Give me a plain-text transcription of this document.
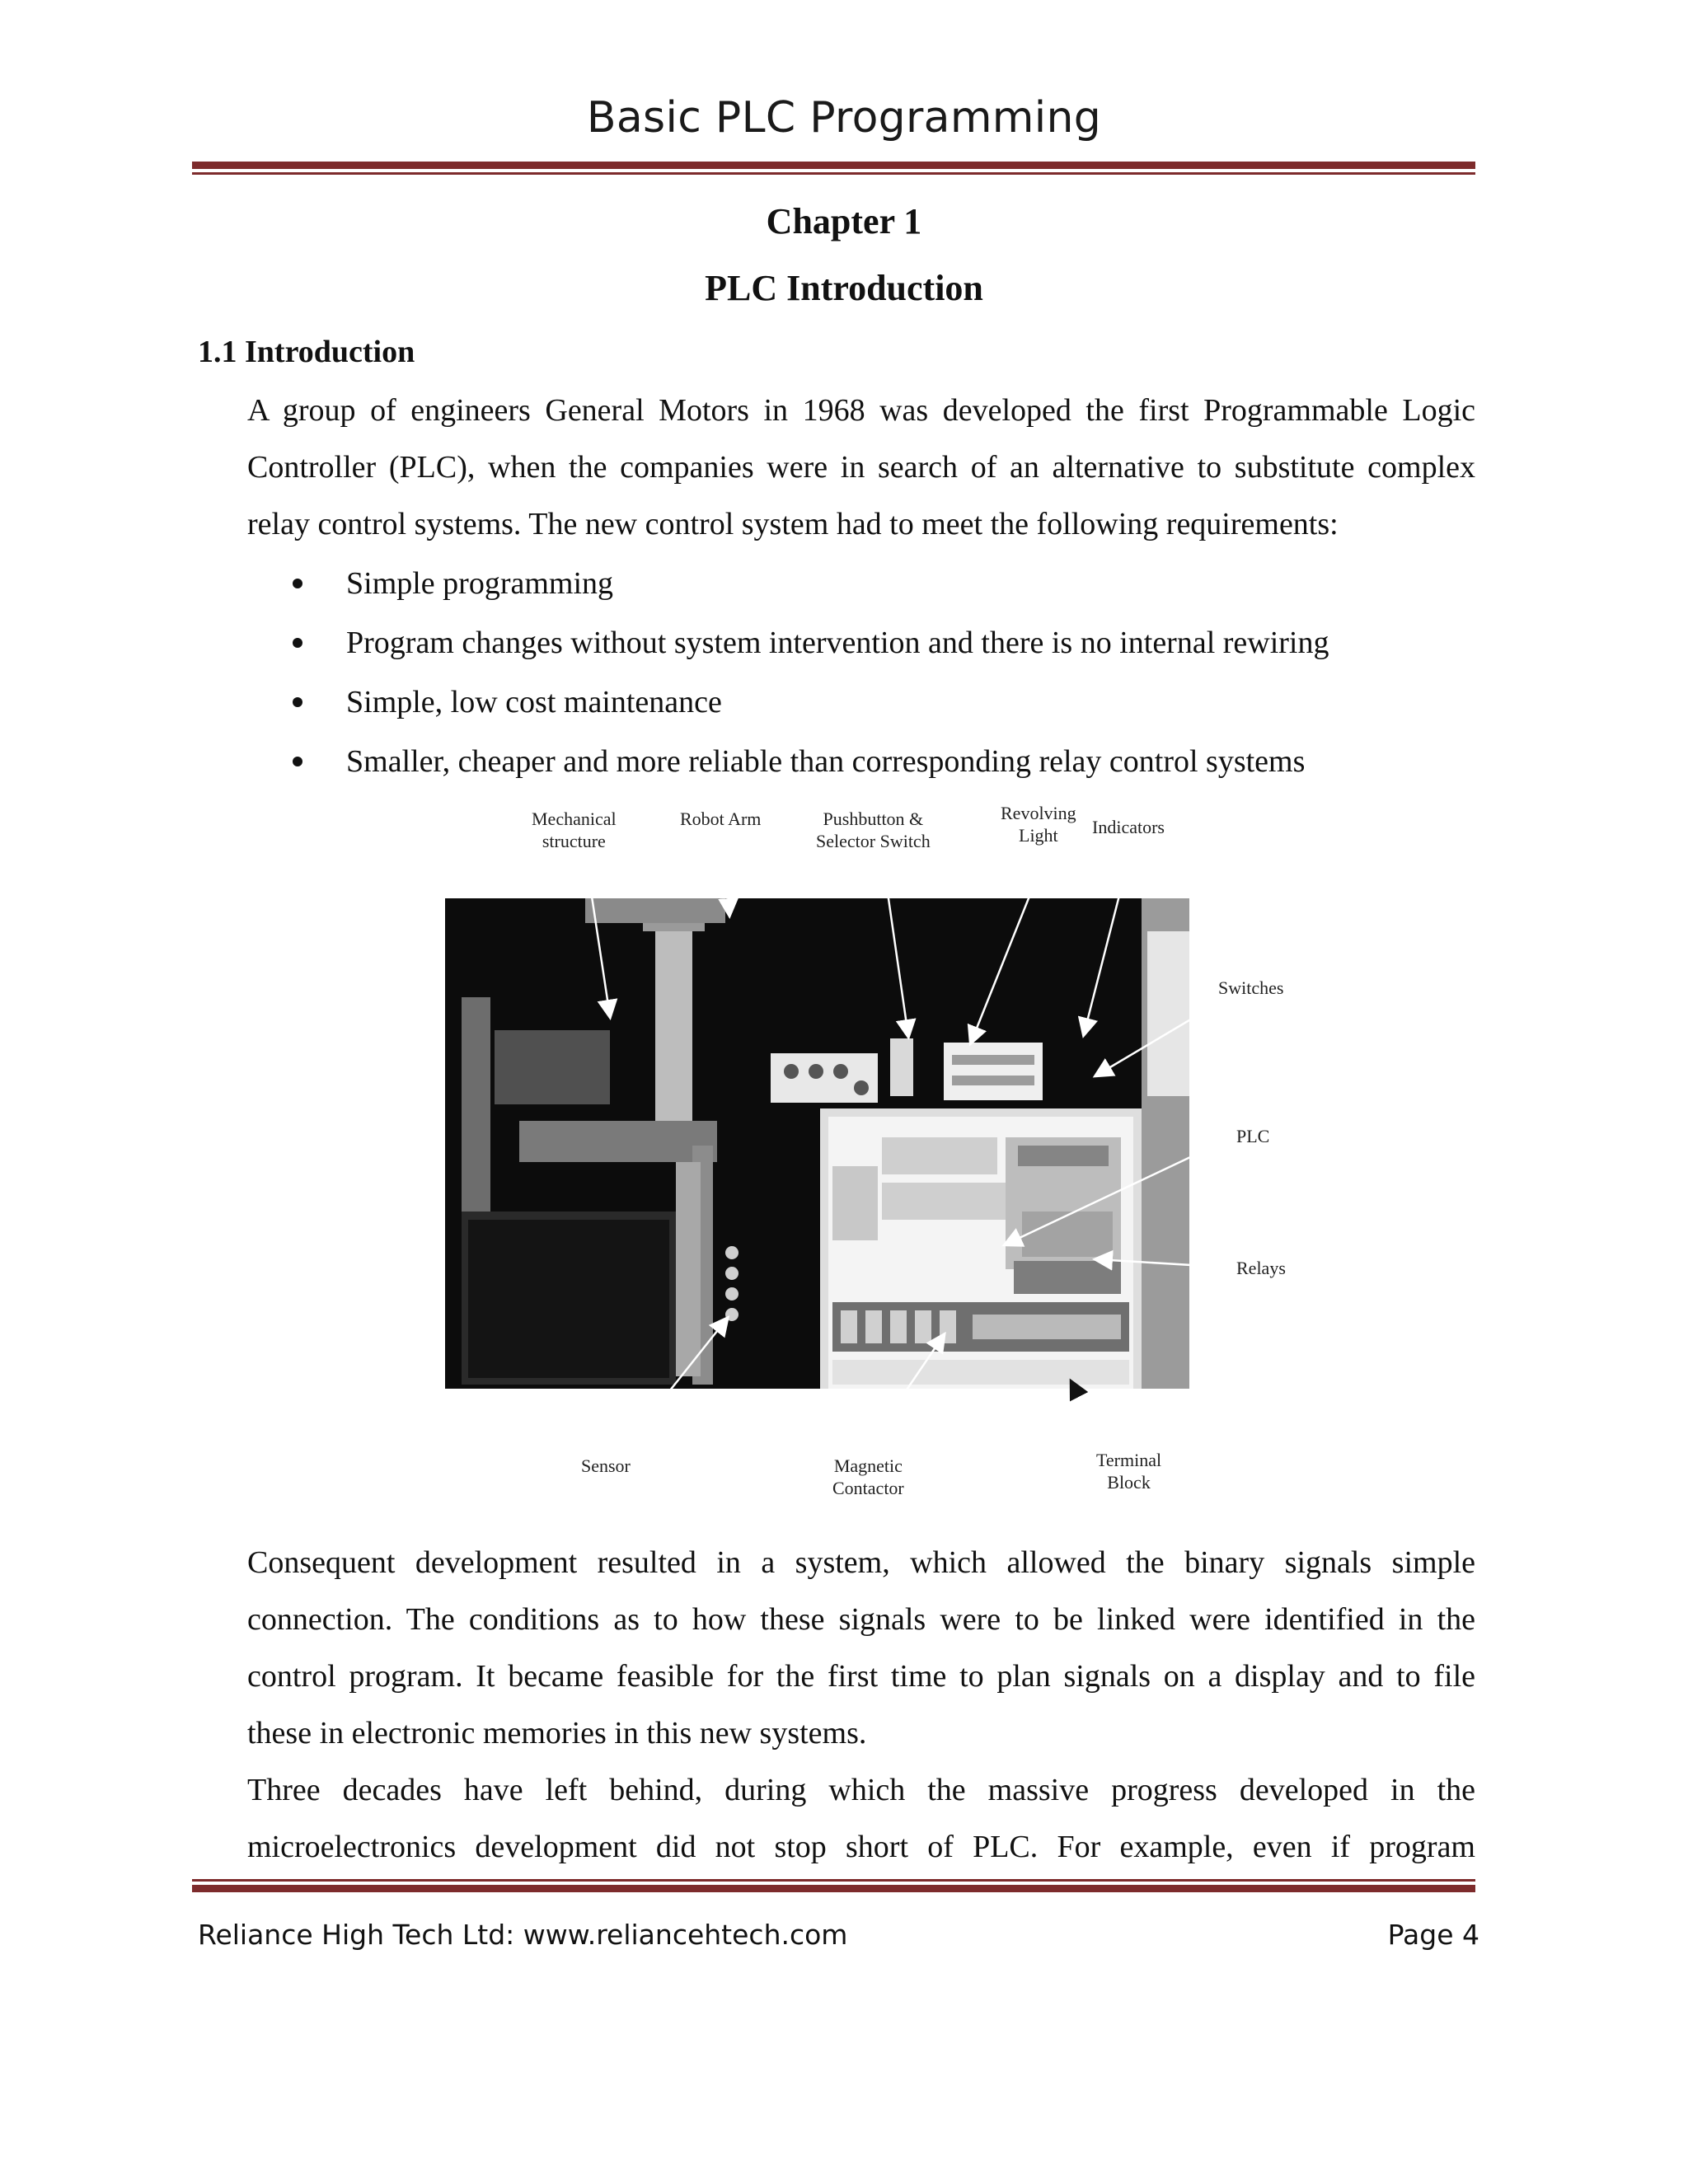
Basic PLC Programming
Chapter 1
PLC Introduction
1.1 Introduction
A group of engineers General Motors in 1968 was developed the first Programmable Logic
Controller (PLC), when the companies were in search of an alternative to substitute complex
relay control systems. The new control system had to meet the following requirements:
Simple programming
Program changes without system intervention and there is no internal rewiring
Simple, low cost maintenance
Smaller, cheaper and more reliable than corresponding relay control systems
Mechanical
structure
Robot Arm	Pushbutton &
Selector Switch
Revolving
Light	Indicators
Switches
PLC
Relays
Sensor	Magnetic
Contactor
Terminal
Block
Consequent development resulted in a system, which allowed the binary signals simple
connection. The conditions as to how these signals were to be linked were identified in the
control program. It became feasible for the first time to plan signals on a display and to file
these in electronic memories in this new systems.
Three decades have left behind, during which the massive progress developed in the
microelectronics development did not stop short of PLC. For example, even if program
Reliance High Tech Ltd: www.reliancehtech.com	Page 4
